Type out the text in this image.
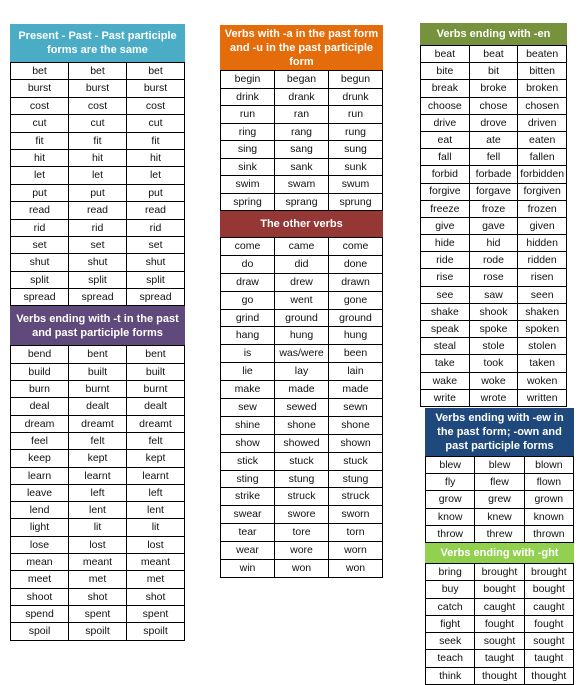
Present - Past - Past participle forms are the same
bet	bet	bet
burst	burst	burst
cost	cost	cost
cut	cut	cut
fit	fit	fit
hit	hit	hit
let	let	let
put	put	put
read	read	read
rid	rid	rid
set	set	set
shut	shut	shut
split	split	split
spread	spread	spread
Verbs ending with -t in the past and past participle forms
bend	bent	bent
build	built	built
burn	burnt	burnt
deal	dealt	dealt
dream	dreamt	dreamt
feel	felt	felt
keep	kept	kept
learn	learnt	learnt
leave	left	left
lend	lent	lent
light	lit	lit
lose	lost	lost
mean	meant	meant
meet	met	met
shoot	shot	shot
spend	spent	spent
spoil	spoilt	spoilt
Verbs with -a in the past form and -u in the past participle form
begin	began	begun
drink	drank	drunk
run	ran	run
ring	rang	rung
sing	sang	sung
sink	sank	sunk
swim	swam	swum
spring	sprang	sprung
The other verbs
come	came	come
do	did	done
draw	drew	drawn
go	went	gone
grind	ground	ground
hang	hung	hung
is	was/were	been
lie	lay	lain
make	made	made
sew	sewed	sewn
shine	shone	shone
show	showed	shown
stick	stuck	stuck
sting	stung	stung
strike	struck	struck
swear	swore	sworn
tear	tore	torn
wear	wore	worn
win	won	won
Verbs ending with -en
beat	beat	beaten
bite	bit	bitten
break	broke	broken
choose	chose	chosen
drive	drove	driven
eat	ate	eaten
fall	fell	fallen
forbid	forbade	forbidden
forgive	forgave	forgiven
freeze	froze	frozen
give	gave	given
hide	hid	hidden
ride	rode	ridden
rise	rose	risen
see	saw	seen
shake	shook	shaken
speak	spoke	spoken
steal	stole	stolen
take	took	taken
wake	woke	woken
write	wrote	written
Verbs ending with -ew in the past form; -own and past participle forms
blew	blew	blown
fly	flew	flown
grow	grew	grown
know	knew	known
throw	threw	thrown
Verbs ending with -ght
bring	brought	brought
buy	bought	bought
catch	caught	caught
fight	fought	fought
seek	sought	sought
teach	taught	taught
think	thought	thought
